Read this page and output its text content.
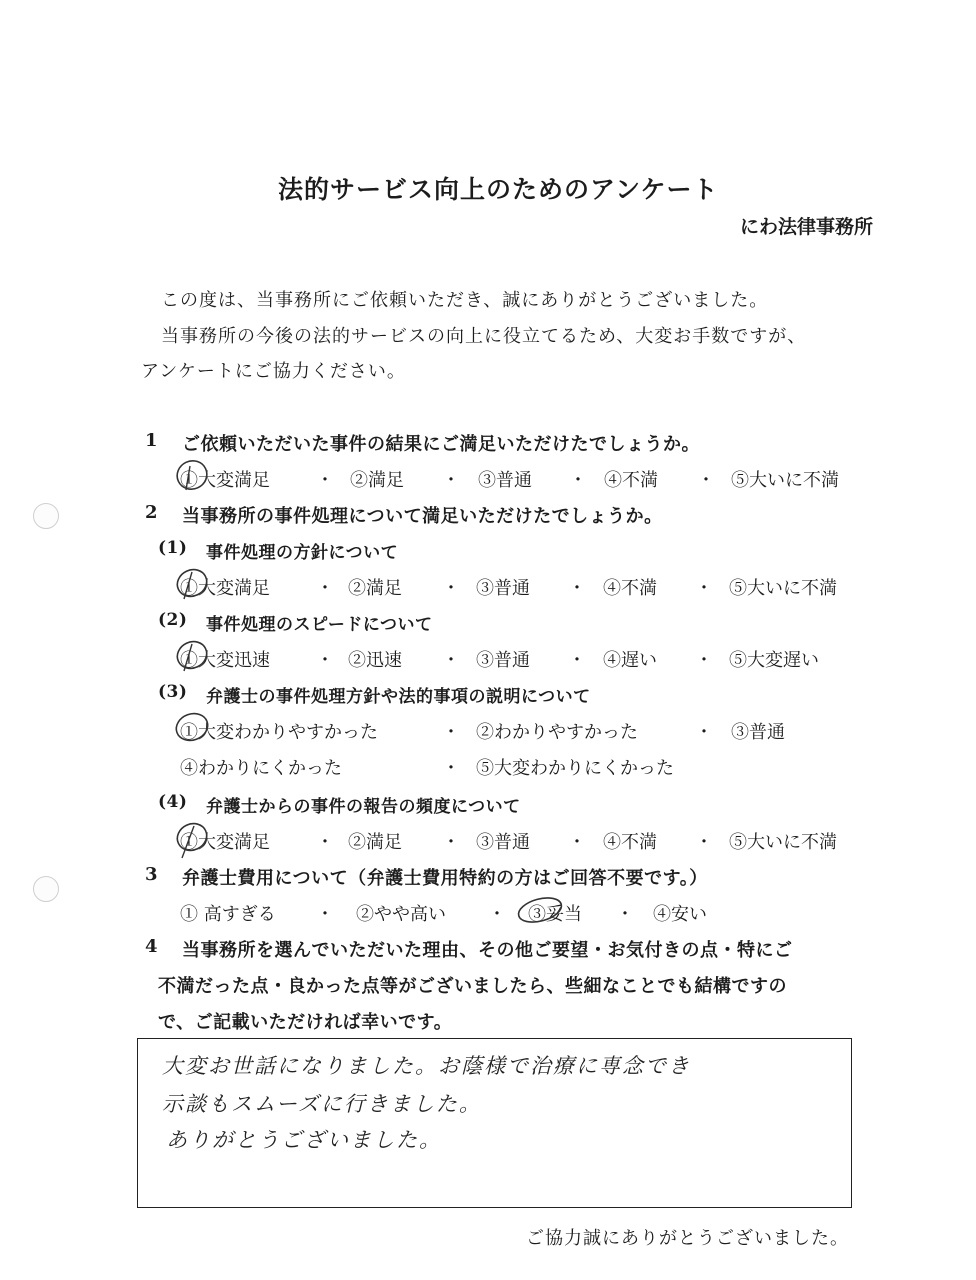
法的サービス向上のためのアンケート
にわ法律事務所
この度は、当事務所にご依頼いただき、誠にありがとうございました。
当事務所の今後の法的サービスの向上に役立てるため、大変お手数ですが、
アンケートにご協力ください。
1 ご依頼いただいた事件の結果にご満足いただけたでしょうか。
①大変満足	・ ②満足 ・ ③普通 ・ ④不満 ・ ⑤大いに不満
2 当事務所の事件処理について満足いただけたでしょうか。
(1) 事件処理の方針について
①大変満足	・ ②満足 ・ ③普通 ・ ④不満 ・ ⑤大いに不満
(2) 事件処理のスピードについて
①大変迅速	・ ②迅速 ・ ③普通 ・ ④遅い ・ ⑤大変遅い
(3) 弁護士の事件処理方針や法的事項の説明について
①大変わかりやすかった	・ ②わかりやすかった	・ ③普通
④わかりにくかった	・ ⑤大変わかりにくかった
(4) 弁護士からの事件の報告の頻度について
①大変満足	・ ②満足 ・ ③普通 ・ ④不満 ・ ⑤大いに不満
3 弁護士費用について（弁護士費用特約の方はご回答不要です。）
① 高すぎる ・ ②やや高い ・ ③妥当 ・ ④安い
4 当事務所を選んでいただいた理由、その他ご要望・お気付きの点・特にご
不満だった点・良かった点等がございましたら、些細なことでも結構ですの
で、ご記載いただければ幸いです。
大変お世話になりました。お蔭様で治療に専念でき
示談もスムーズに行きました。
ありがとうございました。
ご協力誠にありがとうございました。
